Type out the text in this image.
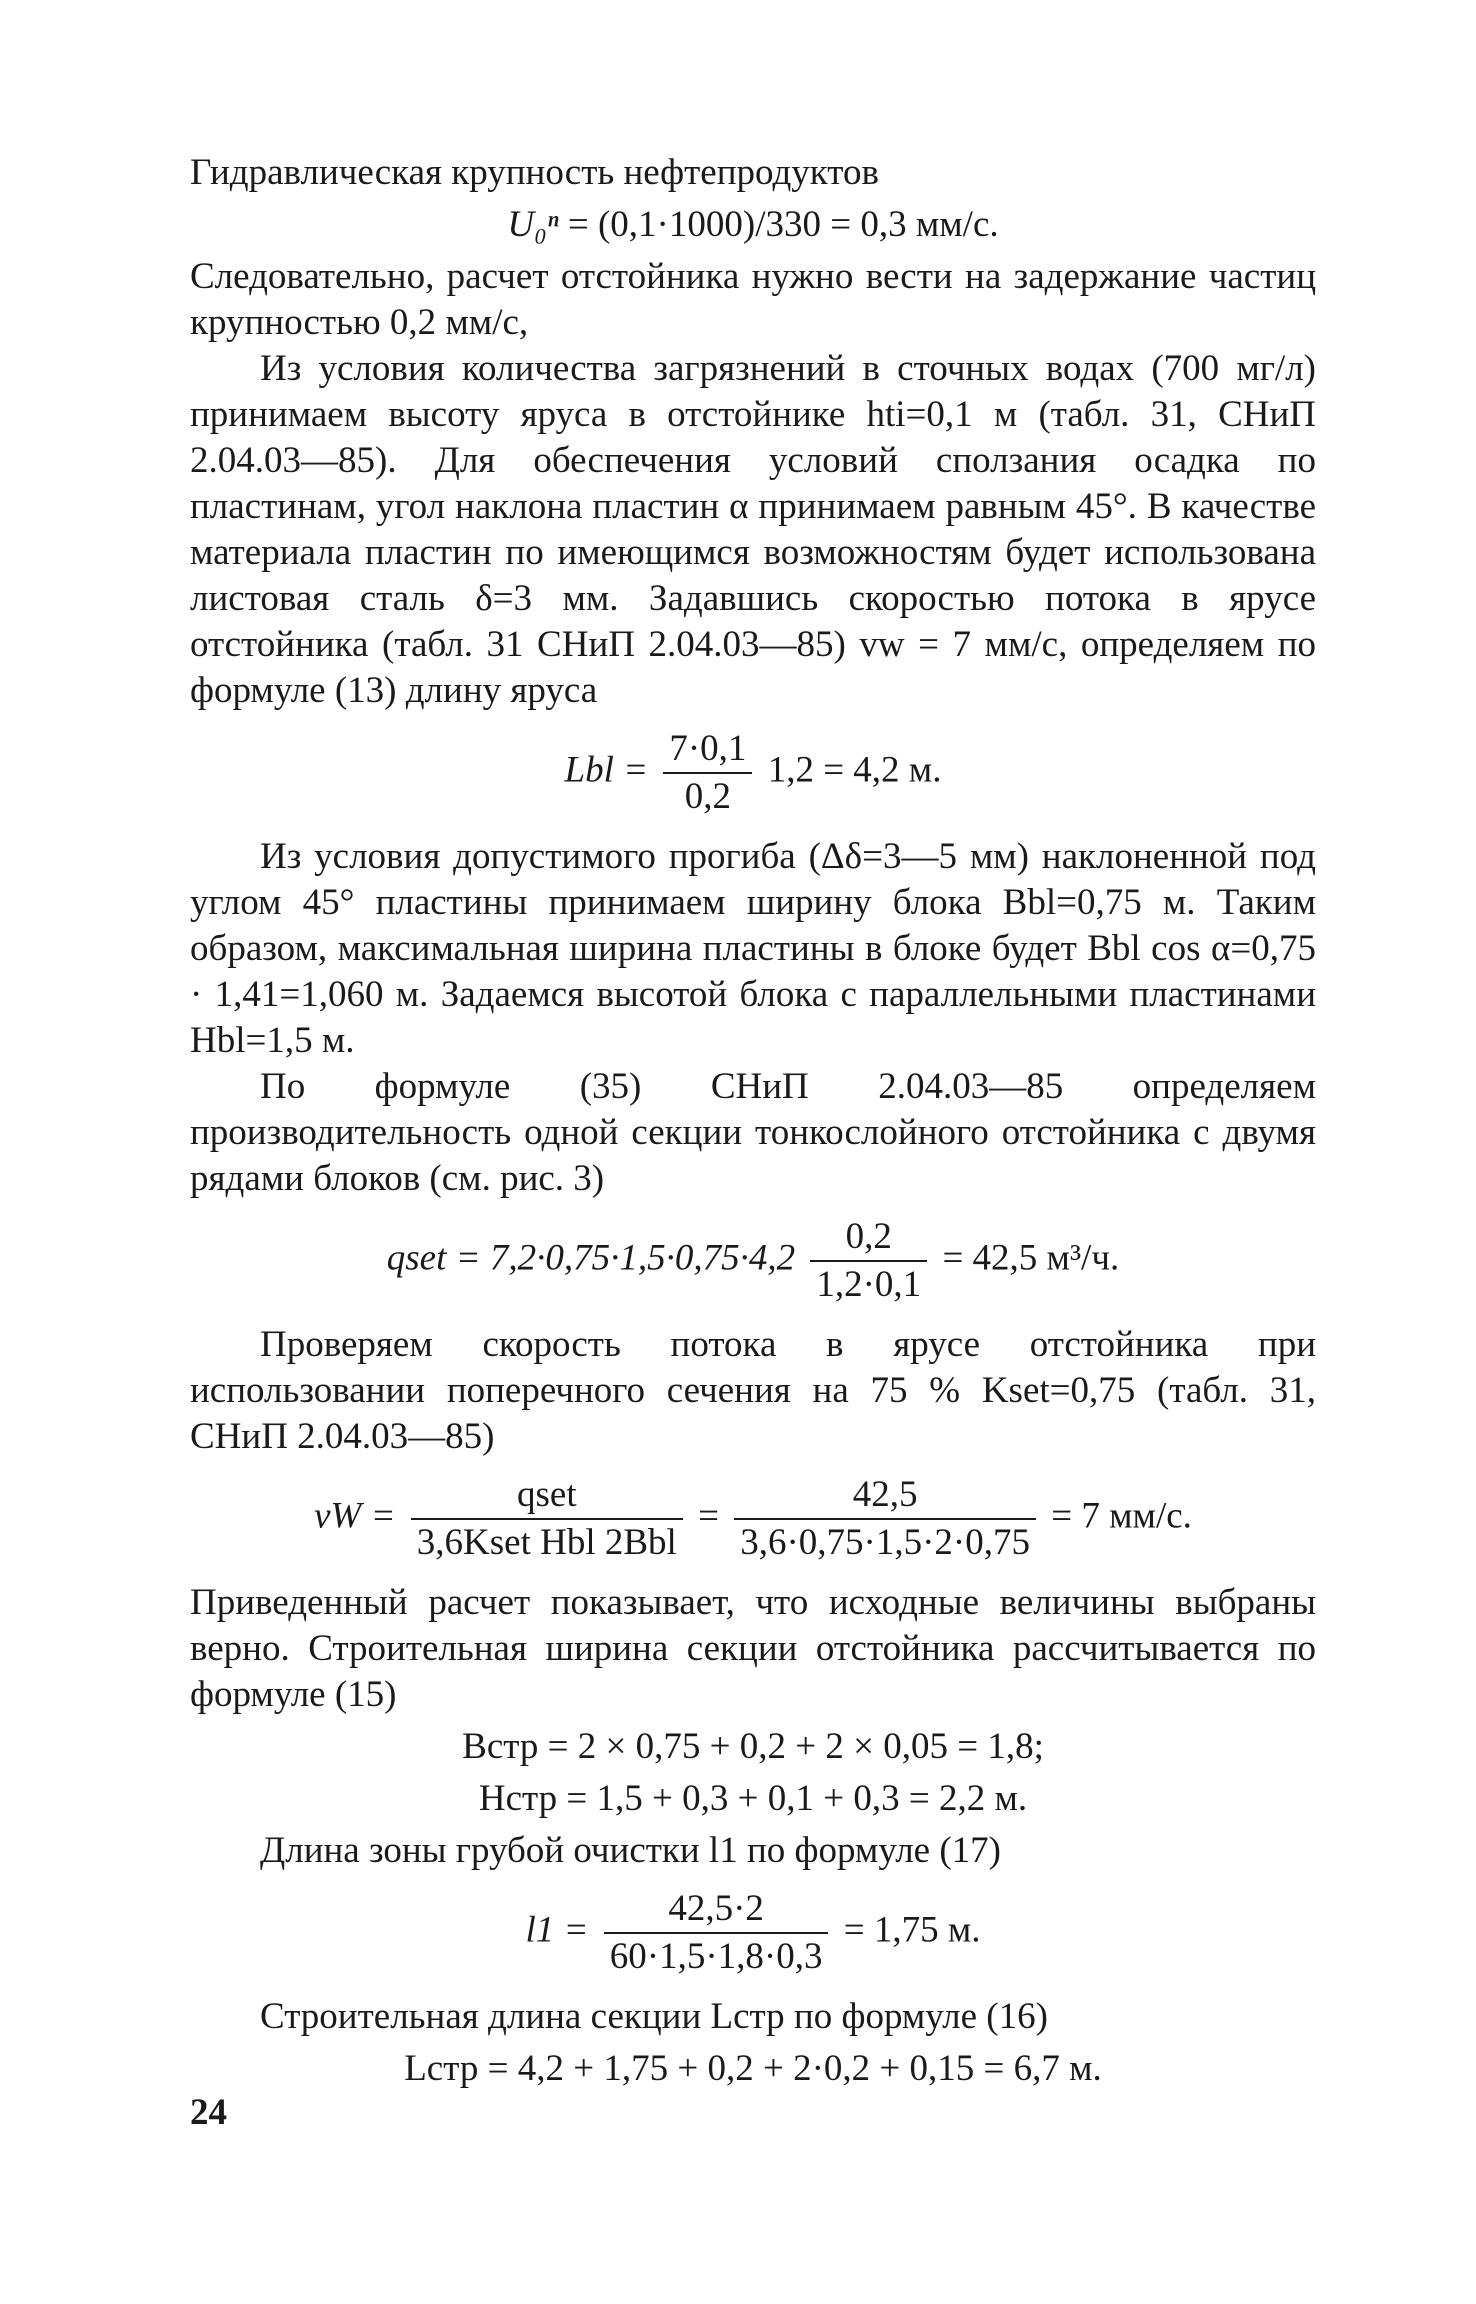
Гидравлическая крупность нефтепродуктов

U₀ⁿ = (0,1·1000)/330 = 0,3 мм/с.

Следовательно, расчет отстойника нужно вести на задержание частиц крупностью 0,2 мм/с,

Из условия количества загрязнений в сточных водах (700 мг/л) принимаем высоту яруса в отстойнике hti=0,1 м (табл. 31, СНиП 2.04.03—85). Для обеспечения условий сползания осадка по пластинам, угол наклона пластин α принимаем равным 45°. В качестве материала пластин по имеющимся возможностям будет использована листовая сталь δ=3 мм. Задавшись скоростью потока в ярусе отстойника (табл. 31 СНиП 2.04.03—85) vw = 7 мм/с, определяем по формуле (13) длину яруса

Lbl = $\frac{7\cdot 0,1}{0,2} 1,2 = 4,2$ м.

Из условия допустимого прогиба (Δδ=3—5 мм) наклоненной под углом 45° пластины принимаем ширину блока Bbl=0,75 м. Таким образом, максимальная ширина пластины в блоке будет Bbl cos α=0,75 · 1,41=1,060 м. Задаемся высотой блока с параллельными пластинами Hbl=1,5 м.

По формуле (35) СНиП 2.04.03—85 определяем производительность одной секции тонкослойного отстойника с двумя рядами блоков (см. рис. 3)

qset = $7,2\cdot 0,75\cdot 1,5\cdot 0,75\cdot 4,2 \frac{0,2}{1,2\cdot 0,1} = 42,5$ м³/ч.

Проверяем скорость потока в ярусе отстойника при использовании поперечного сечения на 75 % Kset=0,75 (табл. 31, СНиП 2.04.03—85)

vW = $\frac{\text{qset}}{\text{3,6Kset Hbl 2Bbl}} = \frac{42,5}{3,6\cdot 0,75\cdot 1,5\cdot 2\cdot 0,75} = 7$ мм/с.

Приведенный расчет показывает, что исходные величины выбраны верно. Строительная ширина секции отстойника рассчитывается по формуле (15)

Bстр = 2 × 0,75 + 0,2 + 2 × 0,05 = 1,8;
Hстр = 1,5 + 0,3 + 0,1 + 0,3 = 2,2 м.

Длина зоны грубой очистки l1 по формуле (17)

$l1 = \frac{42,5\cdot 2}{60\cdot 1,5\cdot 1,8\cdot 0,3} = 1,75$ м.

Строительная длина секции Lстр по формуле (16)

Lстр = 4,2 + 1,75 + 0,2 + 2·0,2 + 0,15 = 6,7 м.
24
